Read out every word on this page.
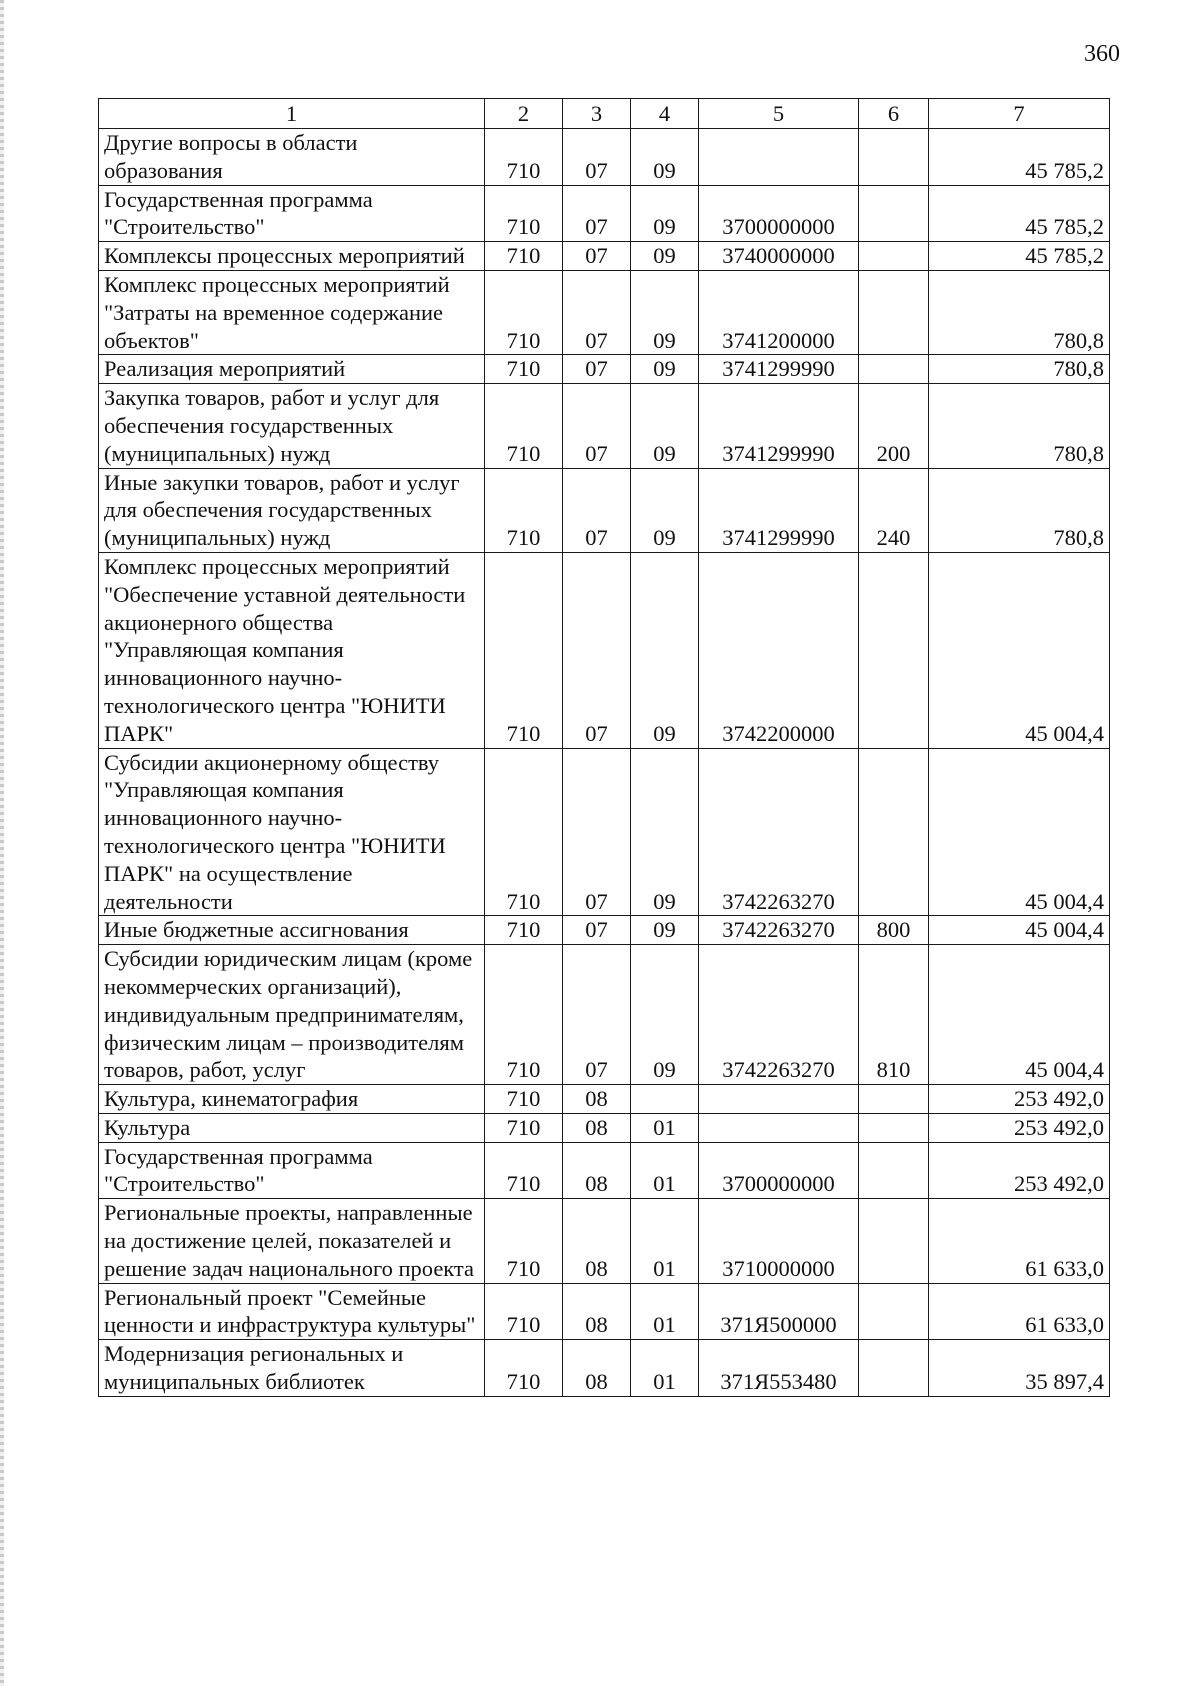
360
1	2	3	4	5	6	7
Другие вопросы в области образования	710	07	09			45 785,2
Государственная программа "Строительство"	710	07	09	3700000000		45 785,2
Комплексы процессных мероприятий	710	07	09	3740000000		45 785,2
Комплекс процессных мероприятий "Затраты на временное содержание объектов"	710	07	09	3741200000		780,8
Реализация мероприятий	710	07	09	3741299990		780,8
Закупка товаров, работ и услуг для обеспечения государственных (муниципальных) нужд	710	07	09	3741299990	200	780,8
Иные закупки товаров, работ и услуг для обеспечения государственных (муниципальных) нужд	710	07	09	3741299990	240	780,8
Комплекс процессных мероприятий "Обеспечение уставной деятельности акционерного общества "Управляющая компания инновационного научно-технологического центра "ЮНИТИ ПАРК"	710	07	09	3742200000		45 004,4
Субсидии акционерному обществу "Управляющая компания инновационного научно-технологического центра "ЮНИТИ ПАРК" на осуществление деятельности	710	07	09	3742263270		45 004,4
Иные бюджетные ассигнования	710	07	09	3742263270	800	45 004,4
Субсидии юридическим лицам (кроме некоммерческих организаций), индивидуальным предпринимателям, физическим лицам – производителям товаров, работ, услуг	710	07	09	3742263270	810	45 004,4
Культура, кинематография	710	08				253 492,0
Культура	710	08	01			253 492,0
Государственная программа "Строительство"	710	08	01	3700000000		253 492,0
Региональные проекты, направленные на достижение целей, показателей и решение задач национального проекта	710	08	01	3710000000		61 633,0
Региональный проект "Семейные ценности и инфраструктура культуры"	710	08	01	371Я500000		61 633,0
Модернизация региональных и муниципальных библиотек	710	08	01	371Я553480		35 897,4
